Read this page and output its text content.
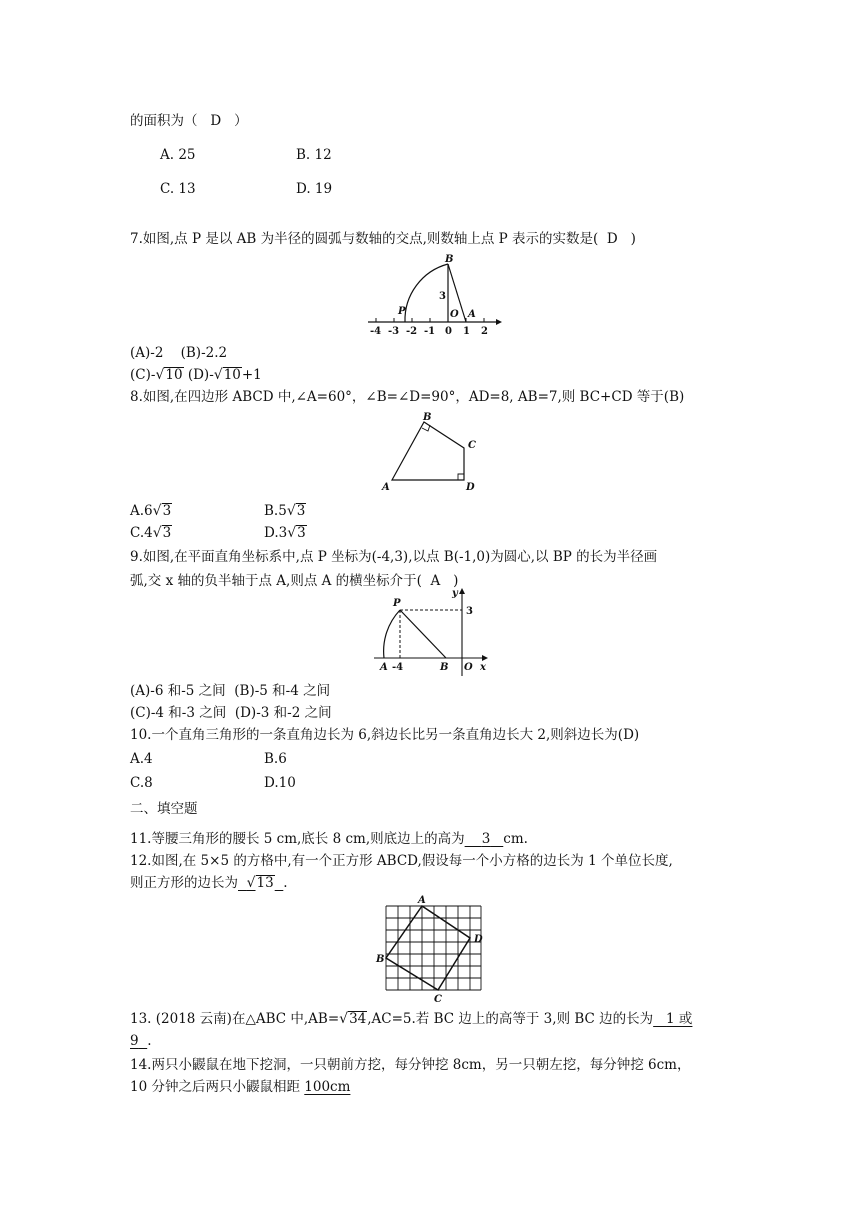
的面积为（ D ）
A. 25	B. 12
C. 13	D. 19
7.如图,点 P 是以 AB 为半径的圆弧与数轴的交点,则数轴上点 P 表示的实数是( D )
B
P
3
O A
-4 -3 -2 -1 0 1 2
(A)-2 (B)-2.2
(C)-√10 (D)-√10+1
8.如图,在四边形 ABCD 中,∠A=60°，∠B=∠D=90°，AD=8, AB=7,则 BC+CD 等于(B)
A
B
C
D
A.6√3	B.5√3
C.4√3	D.3√3
9.如图,在平面直角坐标系中,点 P 坐标为(-4,3),以点 B(-1,0)为圆心,以 BP 的长为半径画
弧,交 x 轴的负半轴于点 A,则点 A 的横坐标介于( A )
P
y
3
A -4	B O x
(A)-6 和-5 之间 (B)-5 和-4 之间
(C)-4 和-3 之间 (D)-3 和-2 之间
10.一个直角三角形的一条直角边长为 6,斜边长比另一条直角边长大 2,则斜边长为(D)
A.4	B.6
C.8	D.10
二、填空题
11.等腰三角形的腰长 5 cm,底长 8 cm,则底边上的高为 3 cm.
12.如图,在 5×5 的方格中,有一个正方形 ABCD,假设每一个小方格的边长为 1 个单位长度,
则正方形的边长为 √13 .
A
B
C
D
13. (2018 云南)在△ABC 中,AB=√34,AC=5.若 BC 边上的高等于 3,则 BC 边的长为 1 或
9 .
14.两只小鼹鼠在地下挖洞，一只朝前方挖，每分钟挖 8cm，另一只朝左挖，每分钟挖 6cm，
10 分钟之后两只小鼹鼠相距 100cm
